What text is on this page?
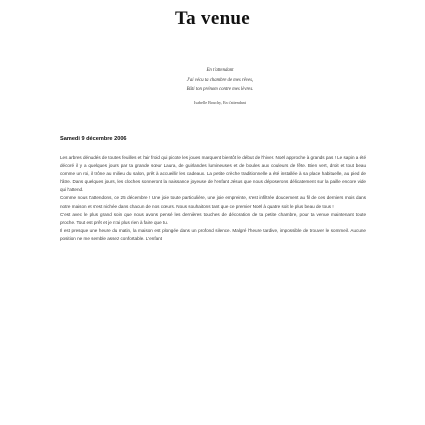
Ta venue
En t'attendant
J'ai vécu ta chambre de mes rêves,
Bâti ton prénom contre mes lèvres.
Isabelle Bouchy, En t'attendant
Samedi 9 décembre 2006

Les arbres dénudés de toutes feuilles et l'air froid qui picote les joues marquent bientôt le début de l'hiver. Noël approche à grands pas ! Le sapin a été décoré il y a quelques jours par ta grande sœur Laura, de guirlandes lumineuses et de boules aux couleurs de fête. Bien vert, droit et tout beau comme un roi, il trône au milieu du salon, prêt à accueillir les cadeaux. La petite crèche traditionnelle a été installée à sa place habituelle, au pied de l'âtre. Dans quelques jours, les cloches sonneront la naissance joyeuse de l'enfant Jésus que nous déposerons délicatement sur la paille encore vide qui l'attend.

Comme nous t'attendons, ce 25 décembre ! Une joie toute particulière, une joie empreinte, s'est infiltrée doucement au fil de ces derniers mois dans notre maison et s'est nichée dans chacun de nos cœurs. Nous souhaitons tant que ce premier Noël à quatre soit le plus beau de tous !

C'est avec le plus grand soin que nous avons pensé les dernières touches de décoration de ta petite chambre, pour ta venue maintenant toute proche. Tout est prêt et je n'ai plus rien à faire que tu.

Il est presque une heure du matin, la maison est plongée dans un profond silence. Malgré l'heure tardive, impossible de trouver le sommeil. Aucune position ne me semble assez confortable. L'enfant
